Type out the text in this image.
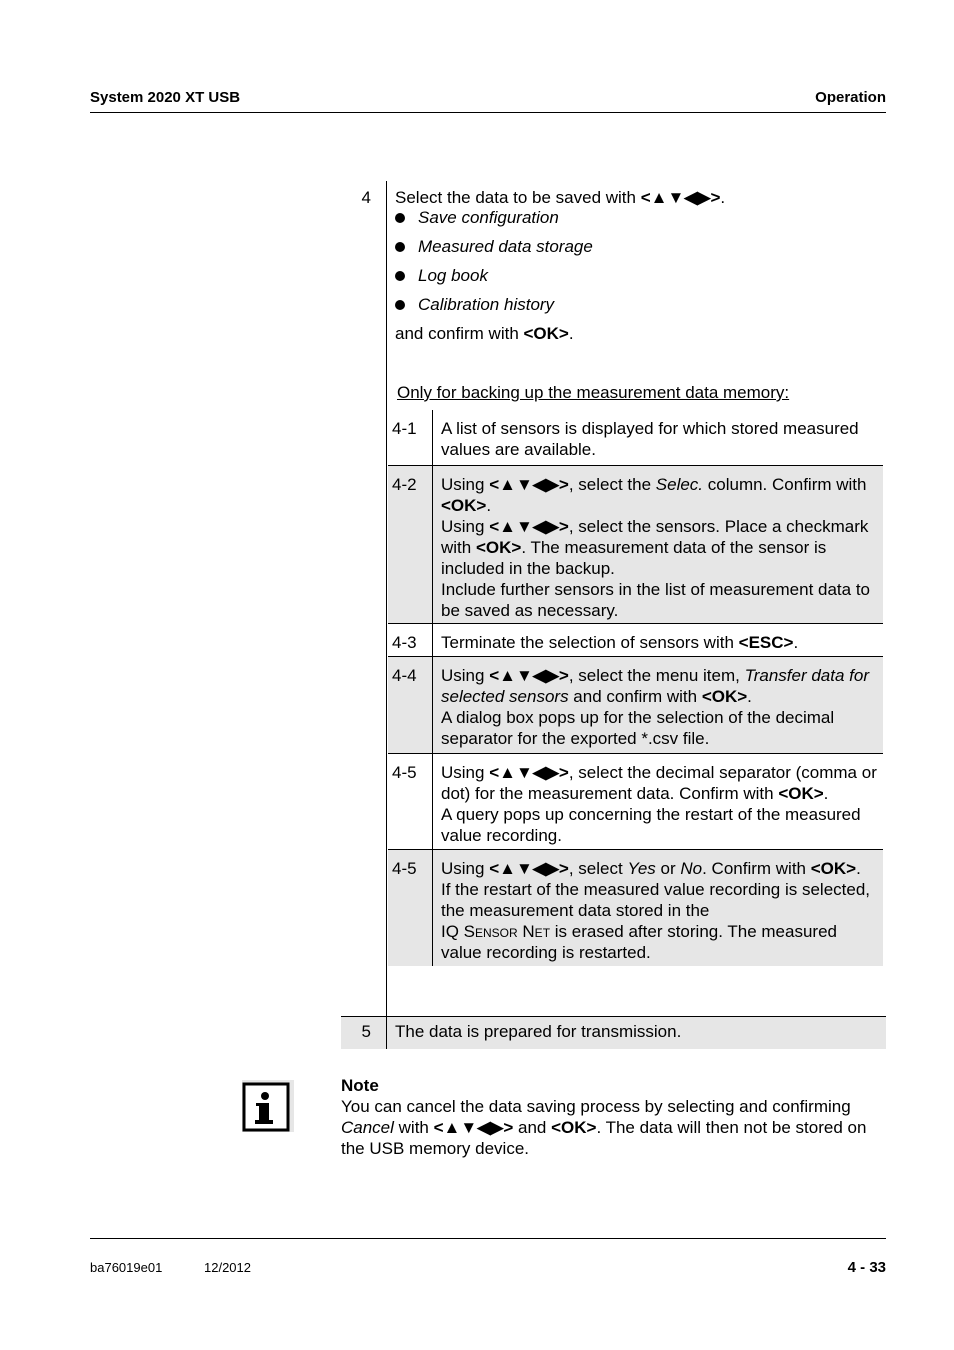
System 2020 XT USB	Operation
4 Select the data to be saved with <▲▼◀▶>.
Save configuration
Measured data storage
Log book
Calibration history
and confirm with <OK>.
Only for backing up the measurement data memory:
4-1 A list of sensors is displayed for which stored measured values are available.
4-2 Using <▲▼◀▶>, select the Selec. column. Confirm with <OK>.
Using <▲▼◀▶>, select the sensors. Place a checkmark with <OK>. The measurement data of the sensor is included in the backup.
Include further sensors in the list of measurement data to be saved as necessary.
4-3 Terminate the selection of sensors with <ESC>.
4-4 Using <▲▼◀▶>, select the menu item, Transfer data for selected sensors and confirm with <OK>.
A dialog box pops up for the selection of the decimal separator for the exported *.csv file.
4-5 Using <▲▼◀▶>, select the decimal separator (comma or dot) for the measurement data. Confirm with <OK>.
A query pops up concerning the restart of the measured value recording.
4-5 Using <▲▼◀▶>, select Yes or No. Confirm with <OK>.
If the restart of the measured value recording is selected, the measurement data stored in the
IQ Sensor Net is erased after storing. The measured value recording is restarted.
5 The data is prepared for transmission.
Note
You can cancel the data saving process by selecting and confirming Cancel with <▲▼◀▶> and <OK>. The data will then not be stored on the USB memory device.
ba76019e01	12/2012	4 - 33
